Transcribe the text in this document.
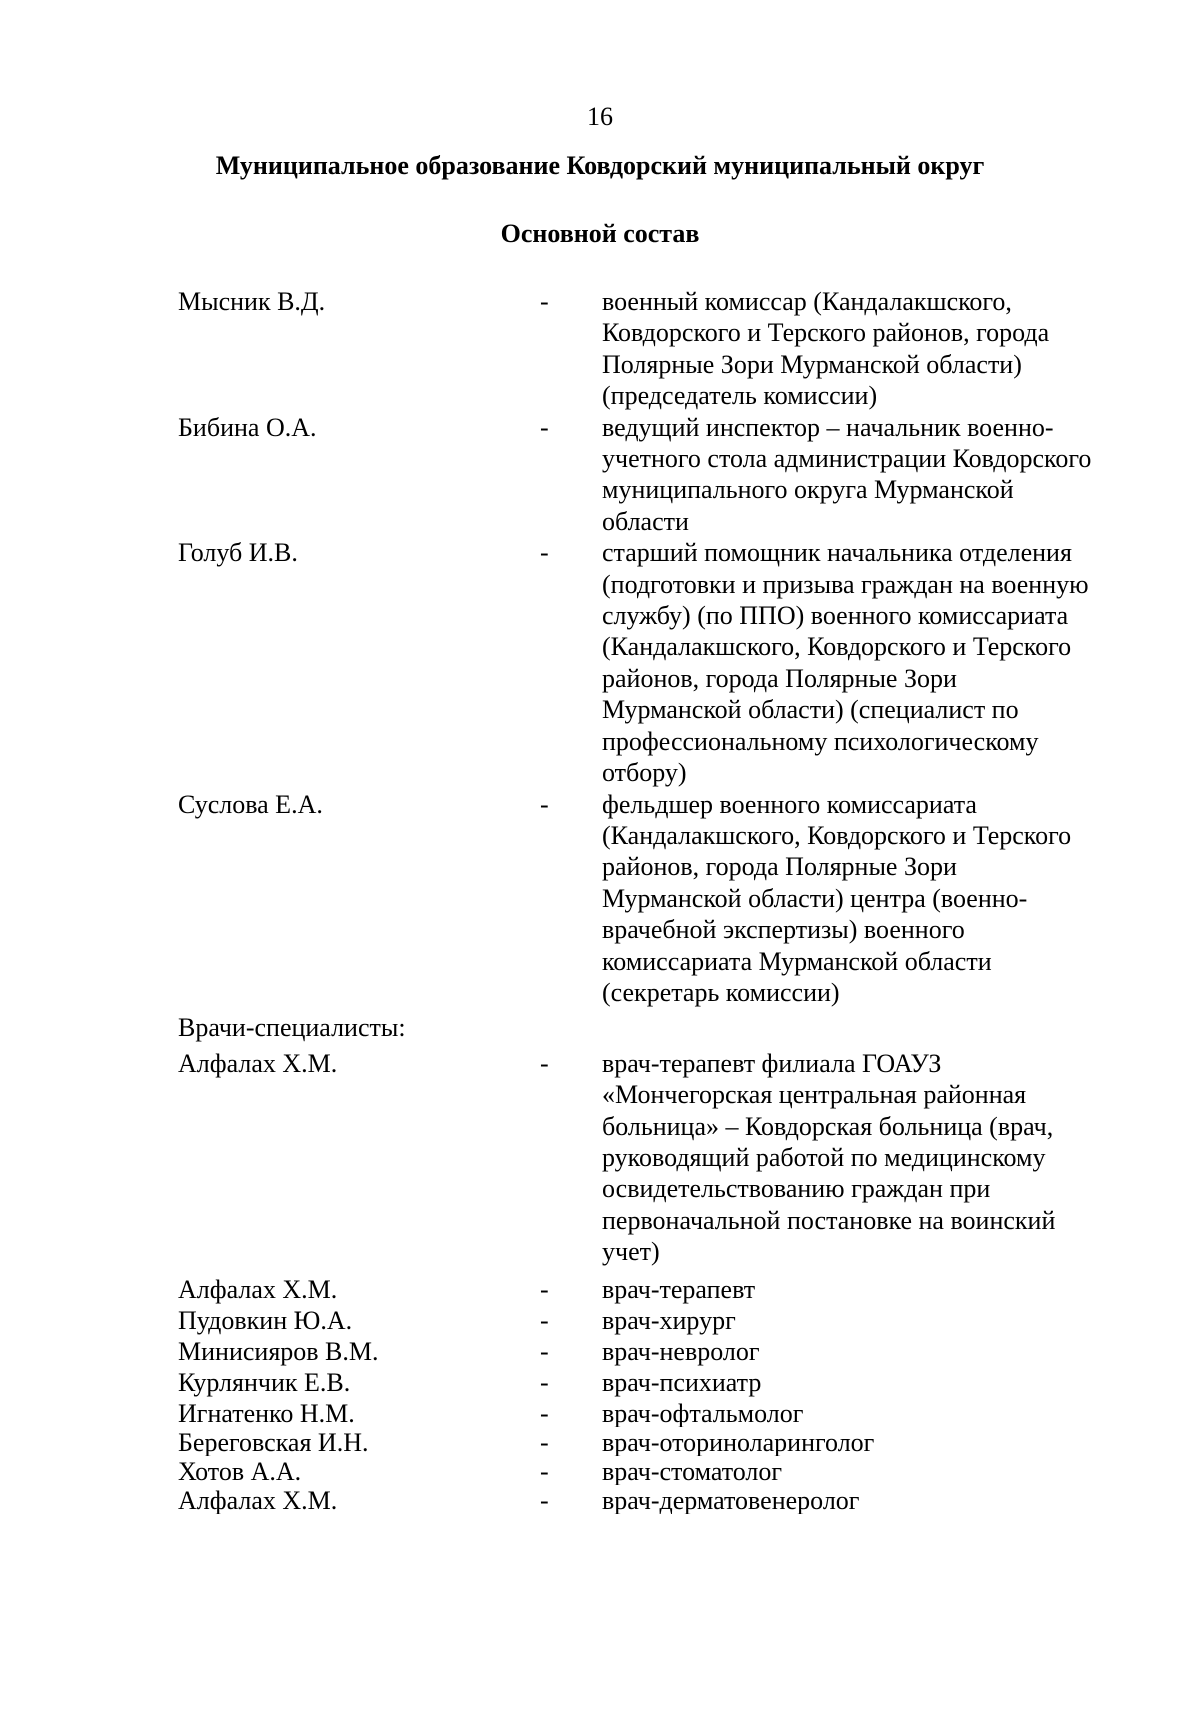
16
Муниципальное образование Ковдорский муниципальный округ
Основной состав
Мысник В.Д.	- военный комиссар (Кандалакшского, Ковдорского и Терского районов, города Полярные Зори Мурманской области) (председатель комиссии)
Бибина О.А.	- ведущий инспектор – начальник военно-учетного стола администрации Ковдорского муниципального округа Мурманской области
Голуб И.В.	- старший помощник начальника отделения (подготовки и призыва граждан на военную службу) (по ППО) военного комиссариата (Кандалакшского, Ковдорского и Терского районов, города Полярные Зори Мурманской области) (специалист по профессиональному психологическому отбору)
Суслова Е.А.	- фельдшер военного комиссариата (Кандалакшского, Ковдорского и Терского районов, города Полярные Зори Мурманской области) центра (военно-врачебной экспертизы) военного комиссариата Мурманской области (секретарь комиссии)
Врачи-специалисты:
Алфалах Х.М.	- врач-терапевт филиала ГОАУЗ «Мончегорская центральная районная больница» – Ковдорская больница (врач, руководящий работой по медицинскому освидетельствованию граждан при первоначальной постановке на воинский учет)
Алфалах Х.М.	- врач-терапевт
Пудовкин Ю.А.	- врач-хирург
Минисияров В.М.	- врач-невролог
Курлянчик Е.В.	- врач-психиатр
Игнатенко Н.М.	- врач-офтальмолог
Береговская И.Н.	- врач-оториноларинголог
Хотов А.А.	- врач-стоматолог
Алфалах Х.М.	- врач-дерматовенеролог
